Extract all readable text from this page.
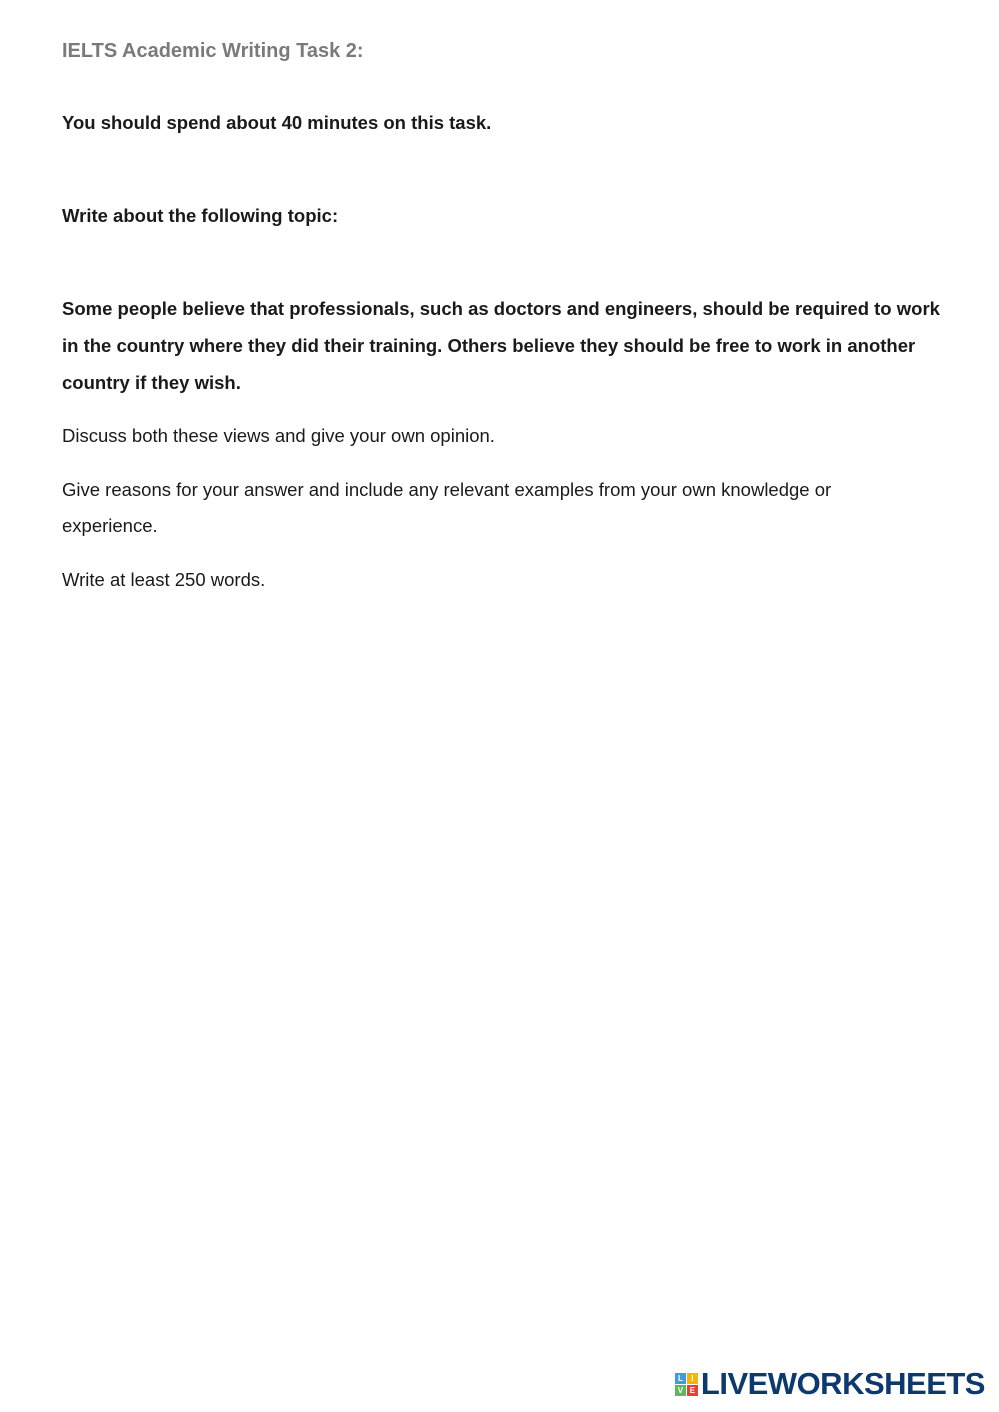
IELTS Academic Writing Task 2:
You should spend about 40 minutes on this task.
Write about the following topic:

Some people believe that professionals, such as doctors and engineers, should be required to work in the country where they did their training. Others believe they should be free to work in another country if they wish.

Discuss both these views and give your own opinion.

Give reasons for your answer and include any relevant examples from your own knowledge or experience.

Write at least 250 words.

L	I
V E LIVEWORKSHEETS
